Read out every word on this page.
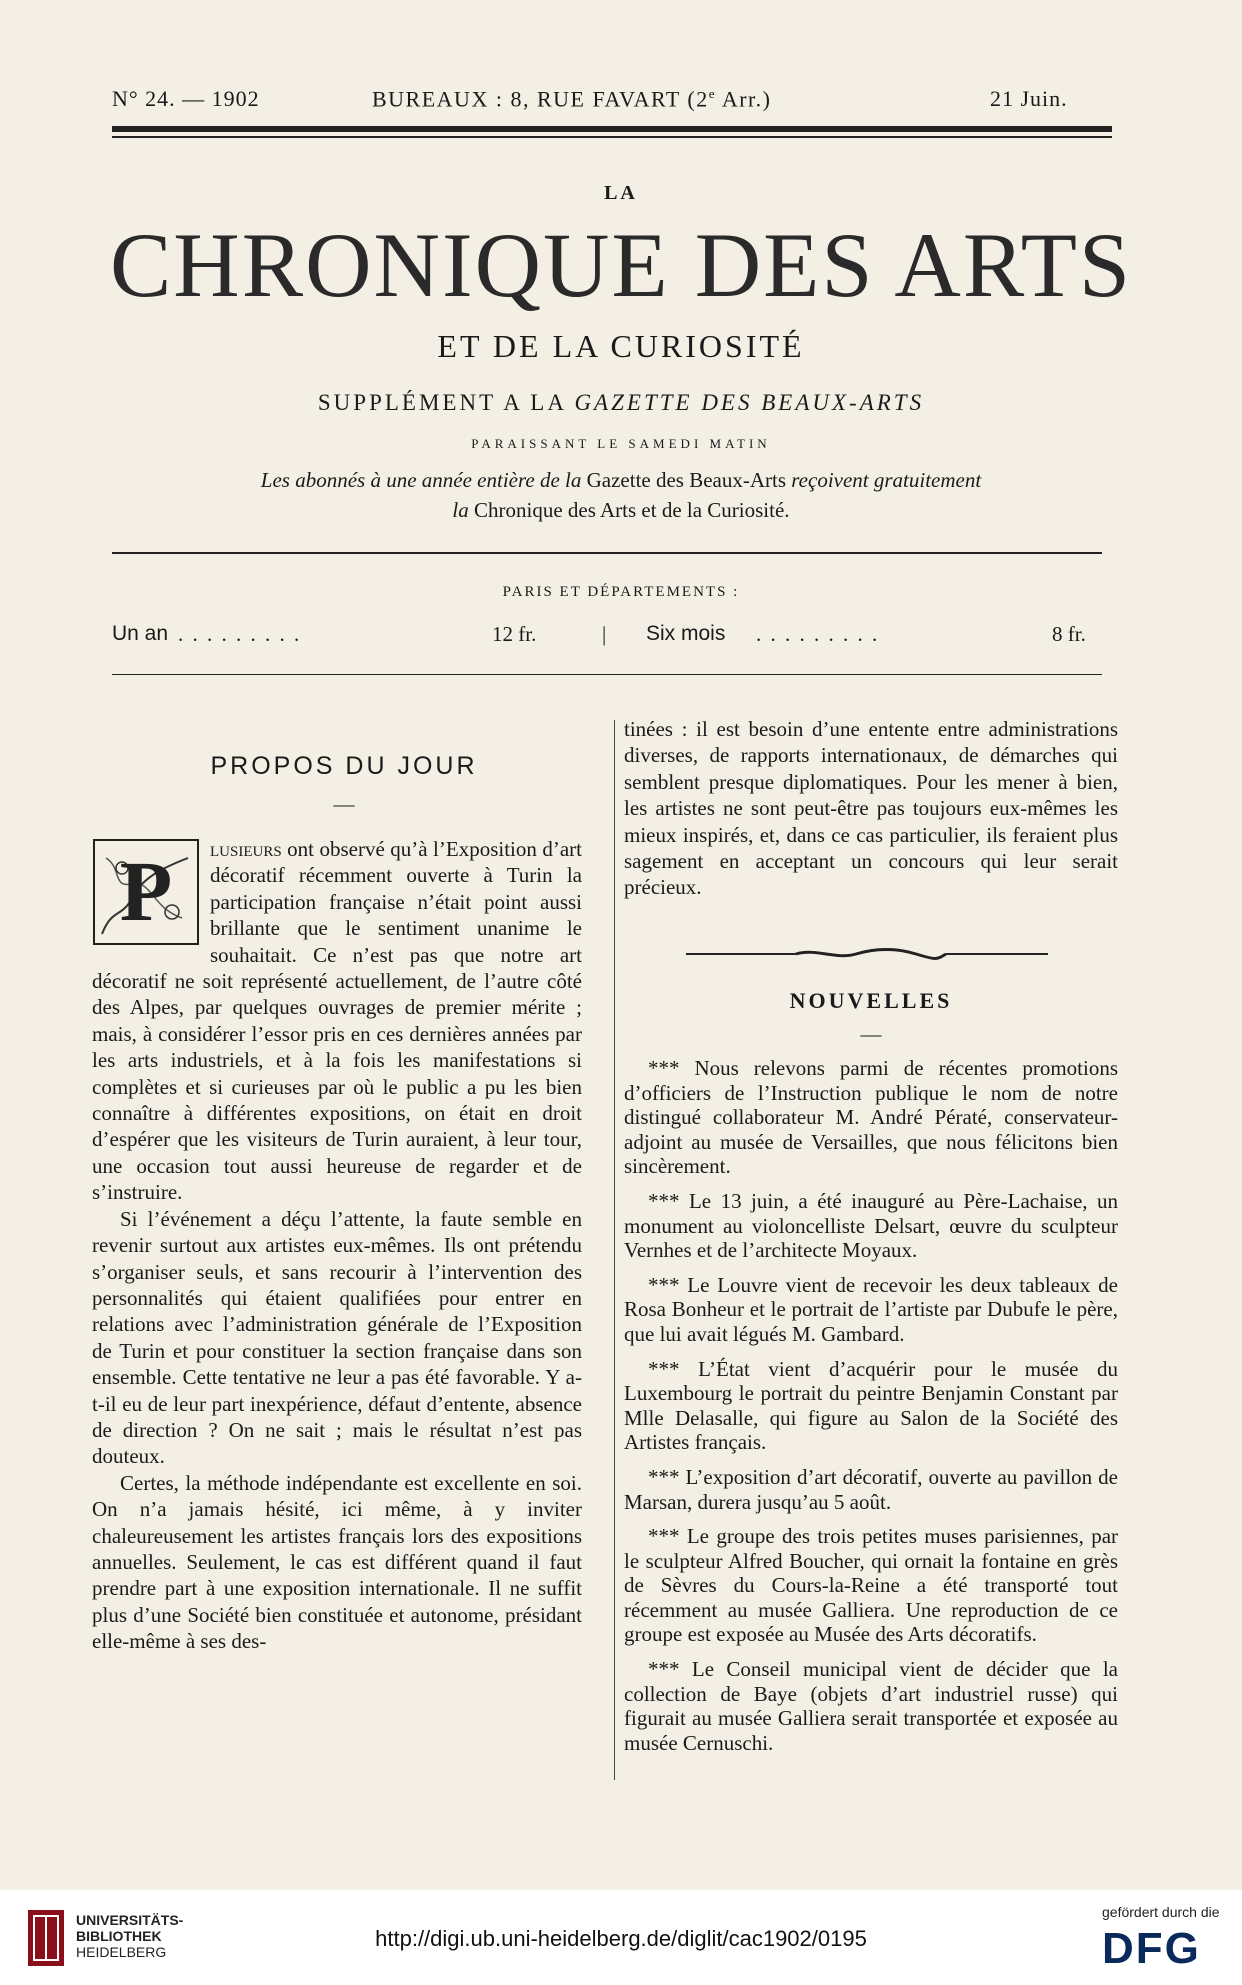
N° 24. — 1902	BUREAUX : 8, RUE FAVART (2e Arr.)	21 Juin.
LA
CHRONIQUE DES ARTS
ET DE LA CURIOSITÉ
SUPPLÉMENT A LA GAZETTE DES BEAUX-ARTS
PARAISSANT LE SAMEDI MATIN
Les abonnés à une année entière de la Gazette des Beaux-Arts reçoivent gratuitement
la Chronique des Arts et de la Curiosité.
PARIS ET DÉPARTEMENTS :
Un an . . . . . . . . .	12 fr.	| Six mois . . . . . . . . .	8 fr.
PROPOS DU JOUR
—
P	lusieurs ont observé qu’à l’Exposition d’art décoratif récemment ouverte à Turin la participation française n’était point aussi brillante que le sentiment unanime le souhaitait. Ce n’est pas que notre art décoratif ne soit représenté actuellement, de l’autre côté des Alpes, par quelques ouvrages de premier mérite ; mais, à considérer l’essor pris en ces dernières années par les arts industriels, et à la fois les manifestations si complètes et si curieuses par où le public a pu les bien connaître à différentes expositions, on était en droit d’espérer que les visiteurs de Turin auraient, à leur tour, une occasion tout aussi heureuse de regarder et de s’instruire.

Si l’événement a déçu l’attente, la faute semble en revenir surtout aux artistes eux-mêmes. Ils ont prétendu s’organiser seuls, et sans recourir à l’intervention des personnalités qui étaient qualifiées pour entrer en relations avec l’administration générale de l’Exposition de Turin et pour constituer la section française dans son ensemble. Cette tentative ne leur a pas été favorable. Y a-t-il eu de leur part inexpérience, défaut d’entente, absence de direction ? On ne sait ; mais le résultat n’est pas douteux.

Certes, la méthode indépendante est excellente en soi. On n’a jamais hésité, ici même, à y inviter chaleureusement les artistes français lors des expositions annuelles. Seulement, le cas est différent quand il faut prendre part à une exposition internationale. Il ne suffit plus d’une Société bien constituée et autonome, présidant elle-même à ses des-

tinées : il est besoin d’une entente entre administrations diverses, de rapports internationaux, de démarches qui semblent presque diplomatiques. Pour les mener à bien, les artistes ne sont peut-être pas toujours eux-mêmes les mieux inspirés, et, dans ce cas particulier, ils feraient plus sagement en acceptant un concours qui leur serait précieux.

NOUVELLES
—

*** Nous relevons parmi de récentes promotions d’officiers de l’Instruction publique le nom de notre distingué collaborateur M. André Pératé, conservateur-adjoint au musée de Versailles, que nous félicitons bien sincèrement.

*** Le 13 juin, a été inauguré au Père-Lachaise, un monument au violoncelliste Delsart, œuvre du sculpteur Vernhes et de l’architecte Moyaux.

*** Le Louvre vient de recevoir les deux tableaux de Rosa Bonheur et le portrait de l’artiste par Dubufe le père, que lui avait légués M. Gambard.

*** L’État vient d’acquérir pour le musée du Luxembourg le portrait du peintre Benjamin Constant par Mlle Delasalle, qui figure au Salon de la Société des Artistes français.

*** L’exposition d’art décoratif, ouverte au pavillon de Marsan, durera jusqu’au 5 août.

*** Le groupe des trois petites muses parisiennes, par le sculpteur Alfred Boucher, qui ornait la fontaine en grès de Sèvres du Cours-la-Reine a été transporté tout récemment au musée Galliera. Une reproduction de ce groupe est exposée au Musée des Arts décoratifs.

*** Le Conseil municipal vient de décider que la collection de Baye (objets d’art industriel russe) qui figurait au musée Galliera serait transportée et exposée au musée Cernuschi.

UNIVERSITÄTS-
BIBLIOTHEK
HEIDELBERG
http://digi.ub.uni-heidelberg.de/diglit/cac1902/0195
gefördert durch die
DFG
